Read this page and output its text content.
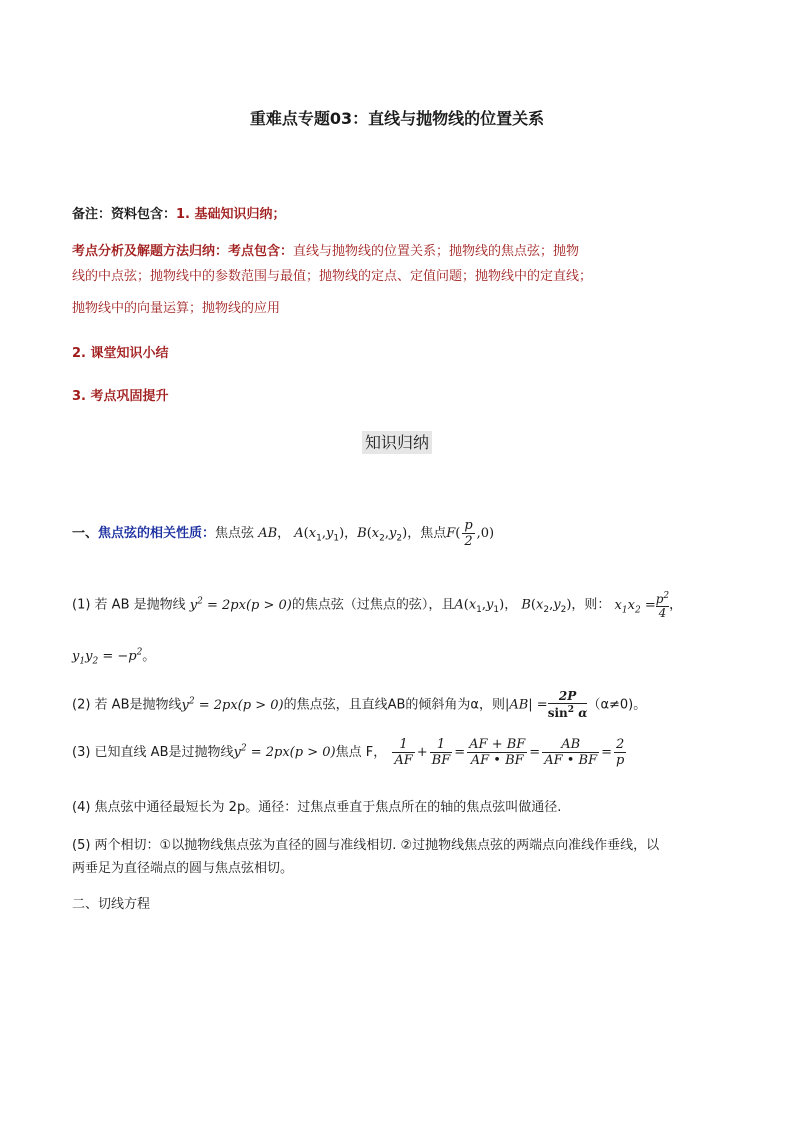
重难点专题03：直线与抛物线的位置关系
备注：资料包含：1. 基础知识归纳；
考点分析及解题方法归纳：考点包含：直线与抛物线的位置关系；抛物线的焦点弦；抛物
线的中点弦；抛物线中的参数范围与最值；抛物线的定点、定值问题；抛物线中的定直线；
抛物线中的向量运算；抛物线的应用
2. 课堂知识小结
3. 考点巩固提升
知识归纳
一、焦点弦的相关性质：焦点弦 AB， $A(x_1,y_1)$，$B(x_2,y_2)$，焦点$F( \frac{p}{2} ,0)$
(1) 若 AB 是抛物线 $y^2 = 2px(p > 0)$的焦点弦（过焦点的弦），且$A(x_1,y_1)$， $B(x_2,y_2)$，则： $x_1x_2 = \frac{p^2}{4}$ ，
$y_1y_2 = -p^2$。
(2) 若 AB是抛物线$y^2 = 2px(p > 0)$的焦点弦，且直线AB的倾斜角为α，则$|AB| = \frac{2P}{\sin^2 \alpha} (\alpha\ne 0)$。
(3) 已知直线 AB是过抛物线$y^2 = 2px(p > 0)$焦点 F， $\frac{1}{AF} + \frac{1}{BF} = \frac{AF + BF}{AF • BF} = \frac{AB}{AF • BF} = \frac{2}{p}$
(4) 焦点弦中通径最短长为 2p。通径：过焦点垂直于焦点所在的轴的焦点弦叫做通径.
(5) 两个相切：①以抛物线焦点弦为直径的圆与准线相切. ②过抛物线焦点弦的两端点向准线作垂线，以
两垂足为直径端点的圆与焦点弦相切。
二、切线方程
